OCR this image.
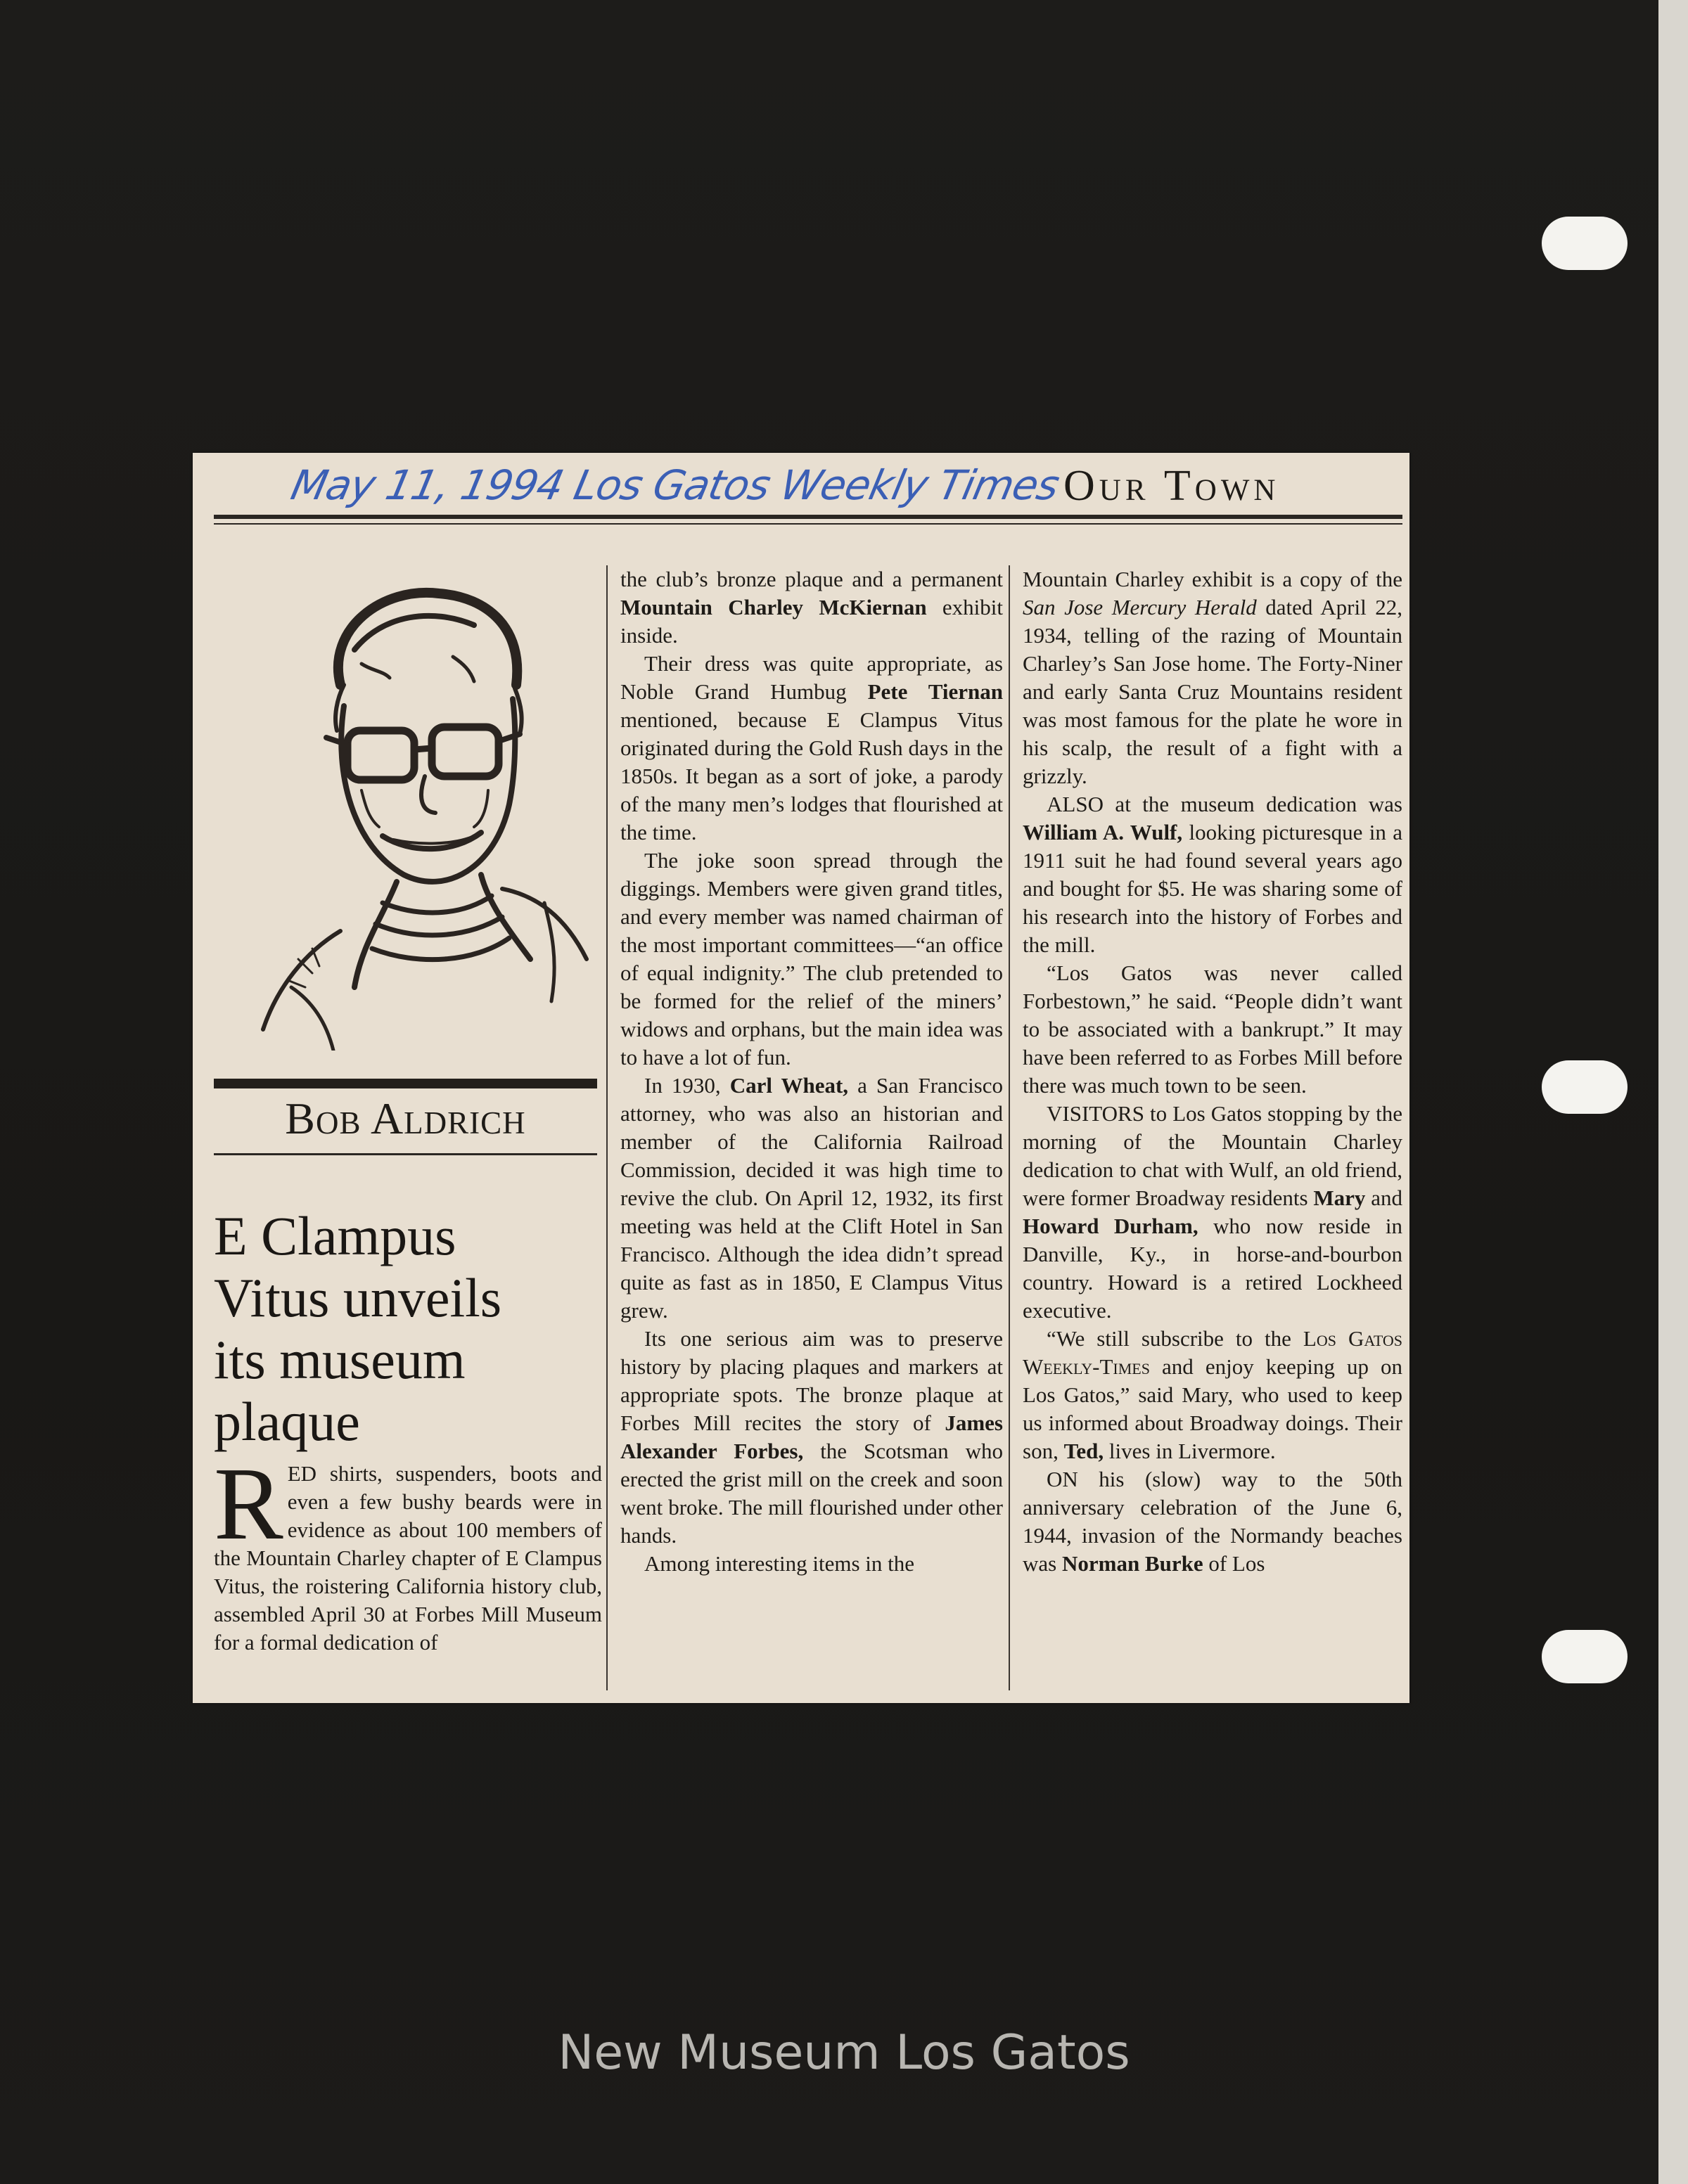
May 11, 1994 Los Gatos Weekly Times Our Town
Bob Aldrich
E Clampus
Vitus unveils
its museum
plaque

RED shirts, suspenders, boots and even a few bushy beards were in evidence as about 100 members of the Mountain Charley chapter of E Clampus Vitus, the roistering California history club, assembled April 30 at Forbes Mill Museum for a formal dedication of

the club’s bronze plaque and a permanent Mountain Charley McKiernan exhibit inside.

Their dress was quite appropriate, as Noble Grand Humbug Pete Tiernan mentioned, because E Clampus Vitus originated during the Gold Rush days in the 1850s. It began as a sort of joke, a parody of the many men’s lodges that flourished at the time.

The joke soon spread through the diggings. Members were given grand titles, and every member was named chairman of the most important committees—“an office of equal indignity.” The club pretended to be formed for the relief of the miners’ widows and orphans, but the main idea was to have a lot of fun.

In 1930, Carl Wheat, a San Francisco attorney, who was also an historian and member of the California Railroad Commission, decided it was high time to revive the club. On April 12, 1932, its first meeting was held at the Clift Hotel in San Francisco. Although the idea didn’t spread quite as fast as in 1850, E Clampus Vitus grew.

Its one serious aim was to preserve history by placing plaques and markers at appropriate spots. The bronze plaque at Forbes Mill recites the story of James Alexander Forbes, the Scotsman who erected the grist mill on the creek and soon went broke. The mill flourished under other hands.

Among interesting items in the

Mountain Charley exhibit is a copy of the San Jose Mercury Herald dated April 22, 1934, telling of the razing of Mountain Charley’s San Jose home. The Forty-Niner and early Santa Cruz Mountains resident was most famous for the plate he wore in his scalp, the result of a fight with a grizzly.

ALSO at the museum dedication was William A. Wulf, looking picturesque in a 1911 suit he had found several years ago and bought for $5. He was sharing some of his research into the history of Forbes and the mill.

“Los Gatos was never called Forbestown,” he said. “People didn’t want to be associated with a bankrupt.” It may have been referred to as Forbes Mill before there was much town to be seen.

VISITORS to Los Gatos stopping by the morning of the Mountain Charley dedication to chat with Wulf, an old friend, were former Broadway residents Mary and Howard Durham, who now reside in Danville, Ky., in horse-and-bourbon country. Howard is a retired Lockheed executive.

“We still subscribe to the Los Gatos Weekly-Times and enjoy keeping up on Los Gatos,” said Mary, who used to keep us informed about Broadway doings. Their son, Ted, lives in Livermore.

ON his (slow) way to the 50th anniversary celebration of the June 6, 1944, invasion of the Normandy beaches was Norman Burke of Los

New Museum Los Gatos
